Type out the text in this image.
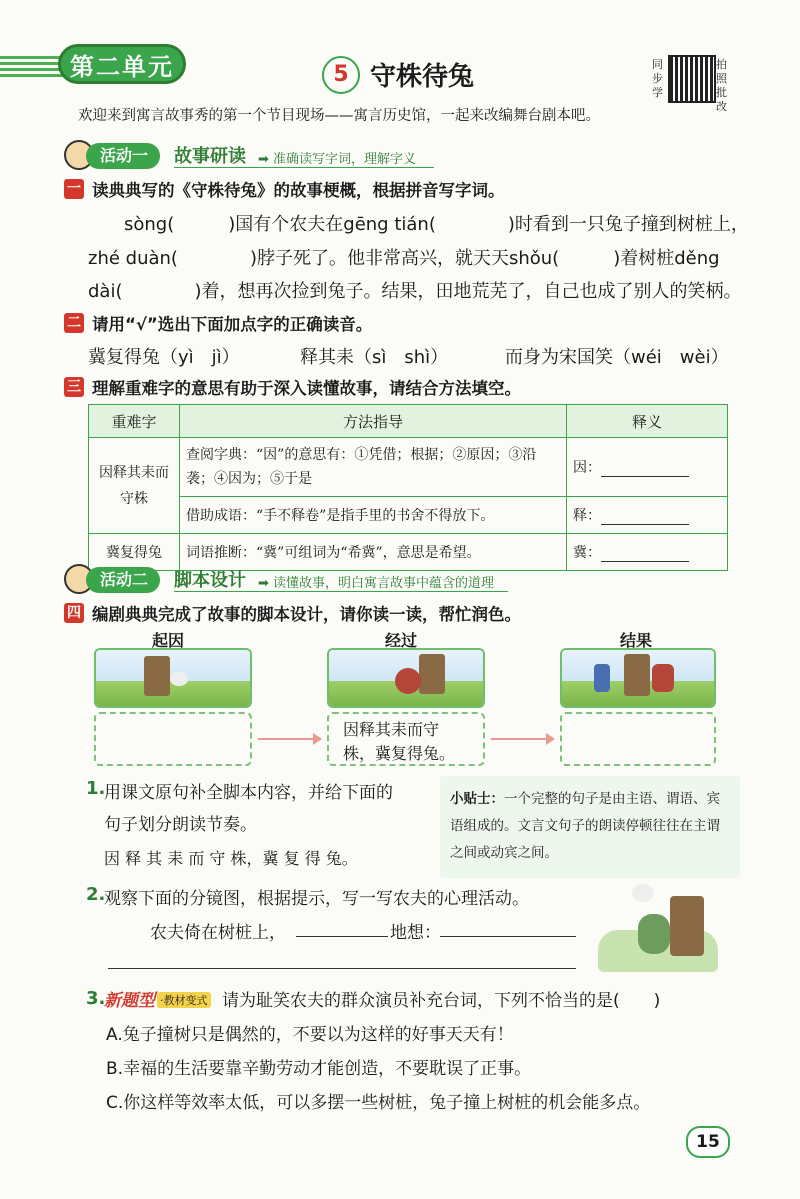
第二单元	5 守株待兔	同步学
拍照批改
欢迎来到寓言故事秀的第一个节目现场——寓言历史馆，一起来改编舞台剧本吧。
活动一	故事研读 ➡ 准确读写字词，理解字义
一 读典典写的《守株待兔》的故事梗概，根据拼音写字词。
sòng(　　　)国有个农夫在gēng tián(　　　　)时看到一只兔子撞到树桩上，
zhé duàn(　　　　)脖子死了。他非常高兴，就天天shǒu(　　　)着树桩děng
dài(　　　　)着，想再次捡到兔子。结果，田地荒芜了，自己也成了别人的笑柄。
二 请用“√”选出下面加点字的正确读音。
冀复得兔（yì　jì）	释其耒（sì　shì）	而身为宋国笑（wéi　wèi）
三 理解重难字的意思有助于深入读懂故事，请结合方法填空。
重难字	方法指导	释义
因释其耒而守株	查阅字典：“因”的意思有：①凭借；根据；②原因；③沿袭；④因为；⑤于是	因：
	借助成语：“手不释卷”是指手里的书舍不得放下。	释：
冀复得兔	词语推断：“冀”可组词为“希冀”，意思是希望。	冀：
活动二	脚本设计 ➡ 读懂故事，明白寓言故事中蕴含的道理
四 编剧典典完成了故事的脚本设计，请你读一读，帮忙润色。
起因	经过	结果
因释其耒而守株，冀复得兔。
1.
用课文原句补全脚本内容，并给下面的
句子划分朗读节奏。
因 释 其 耒 而 守 株，冀 复 得 兔。
小贴士：一个完整的句子是由主语、谓语、宾语组成的。文言文句子的朗读停顿往往在主谓之间或动宾之间。
2.
观察下面的分镜图，根据提示，写一写农夫的心理活动。
农夫倚在树桩上，	地想：
3.
新题型 ·教材变式 请为耻笑农夫的群众演员补充台词，下列不恰当的是(　　)
A.兔子撞树只是偶然的，不要以为这样的好事天天有！
B.幸福的生活要靠辛勤劳动才能创造，不要耽误了正事。
C.你这样等效率太低，可以多摆一些树桩，兔子撞上树桩的机会能多点。
15
